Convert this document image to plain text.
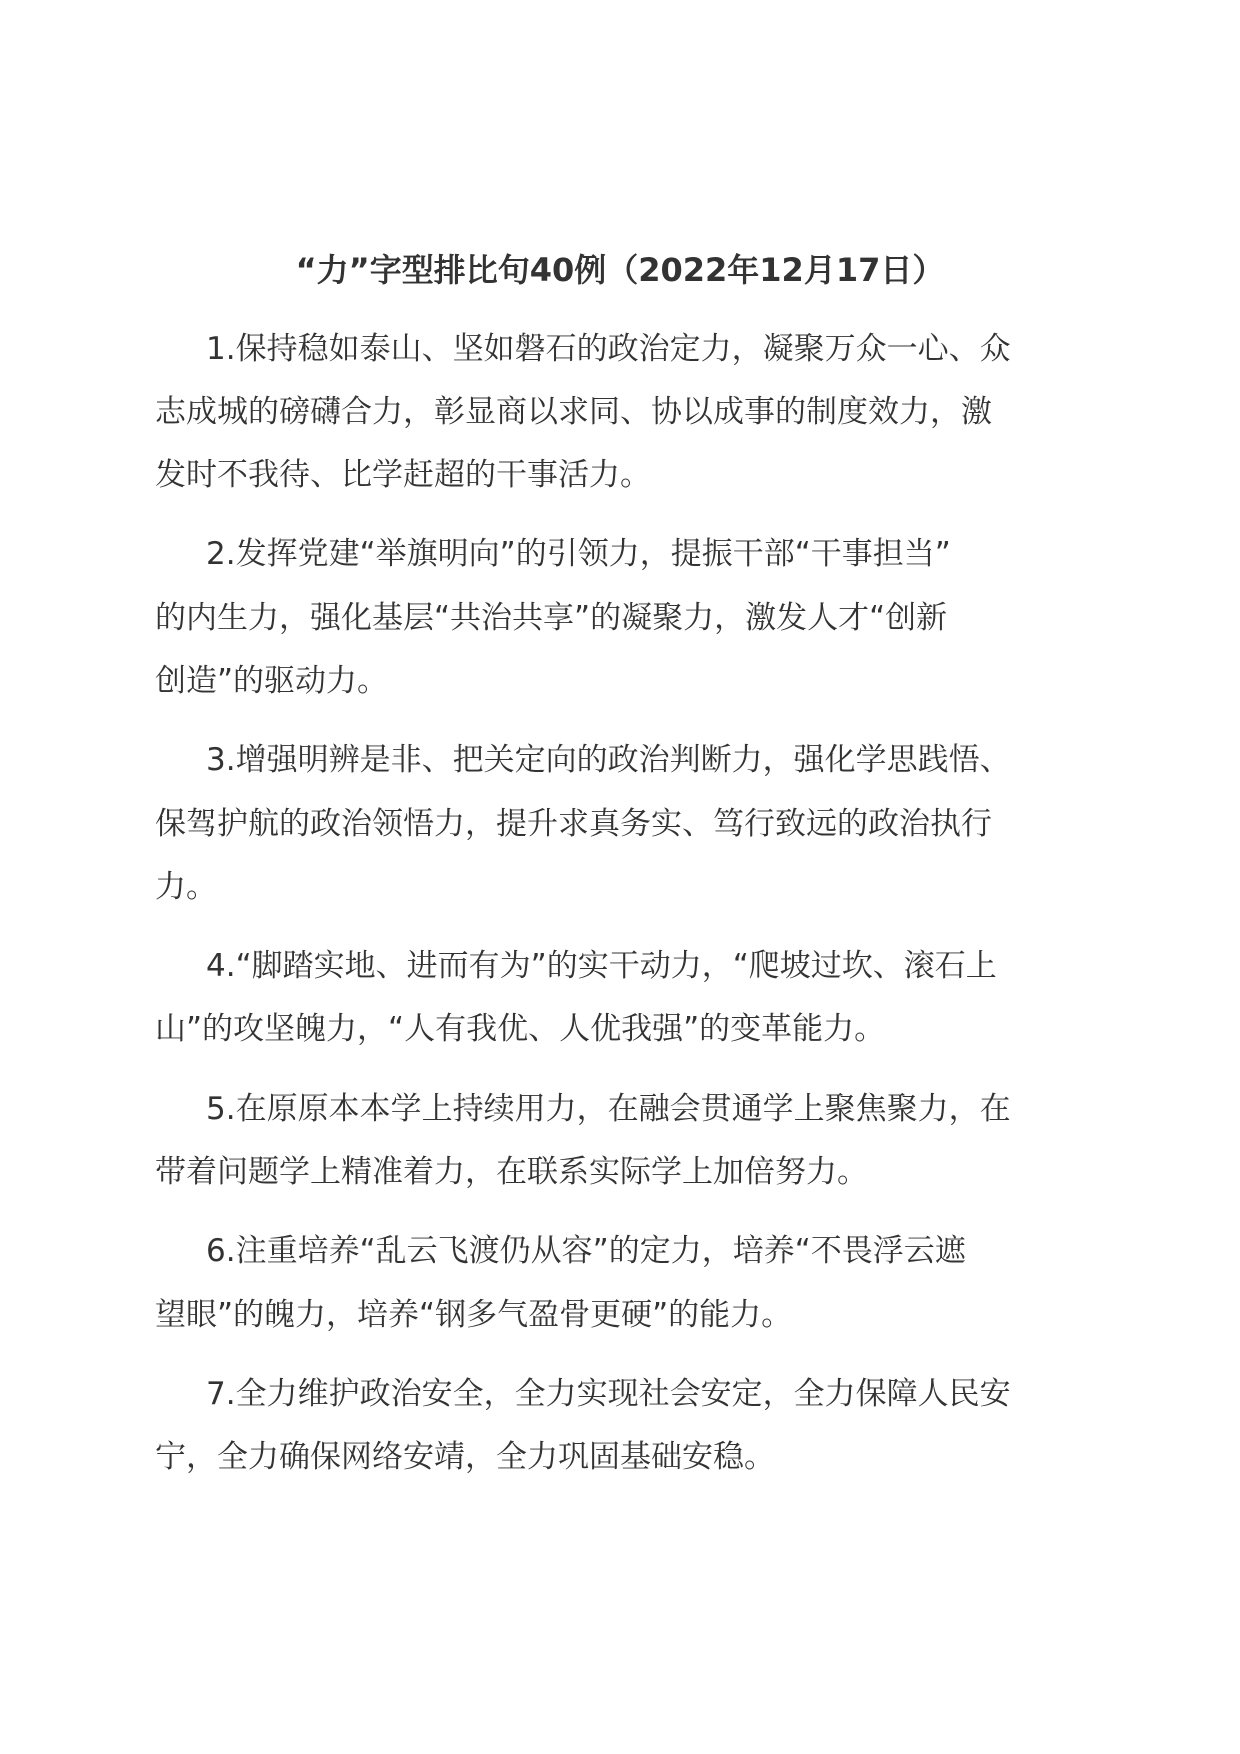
“力”字型排比句40例（2022年12月17日）
1.保持稳如泰山、坚如磐石的政治定力，凝聚万众一心、众
志成城的磅礴合力，彰显商以求同、协以成事的制度效力，激
发时不我待、比学赶超的干事活力。
2.发挥党建“举旗明向”的引领力，提振干部“干事担当”
的内生力，强化基层“共治共享”的凝聚力，激发人才“创新
创造”的驱动力。
3.增强明辨是非、把关定向的政治判断力，强化学思践悟、
保驾护航的政治领悟力，提升求真务实、笃行致远的政治执行
力。
4.“脚踏实地、进而有为”的实干动力，“爬坡过坎、滚石上
山”的攻坚魄力，“人有我优、人优我强”的变革能力。
5.在原原本本学上持续用力，在融会贯通学上聚焦聚力，在
带着问题学上精准着力，在联系实际学上加倍努力。
6.注重培养“乱云飞渡仍从容”的定力，培养“不畏浮云遮
望眼”的魄力，培养“钢多气盈骨更硬”的能力。
7.全力维护政治安全，全力实现社会安定，全力保障人民安
宁，全力确保网络安靖，全力巩固基础安稳。
